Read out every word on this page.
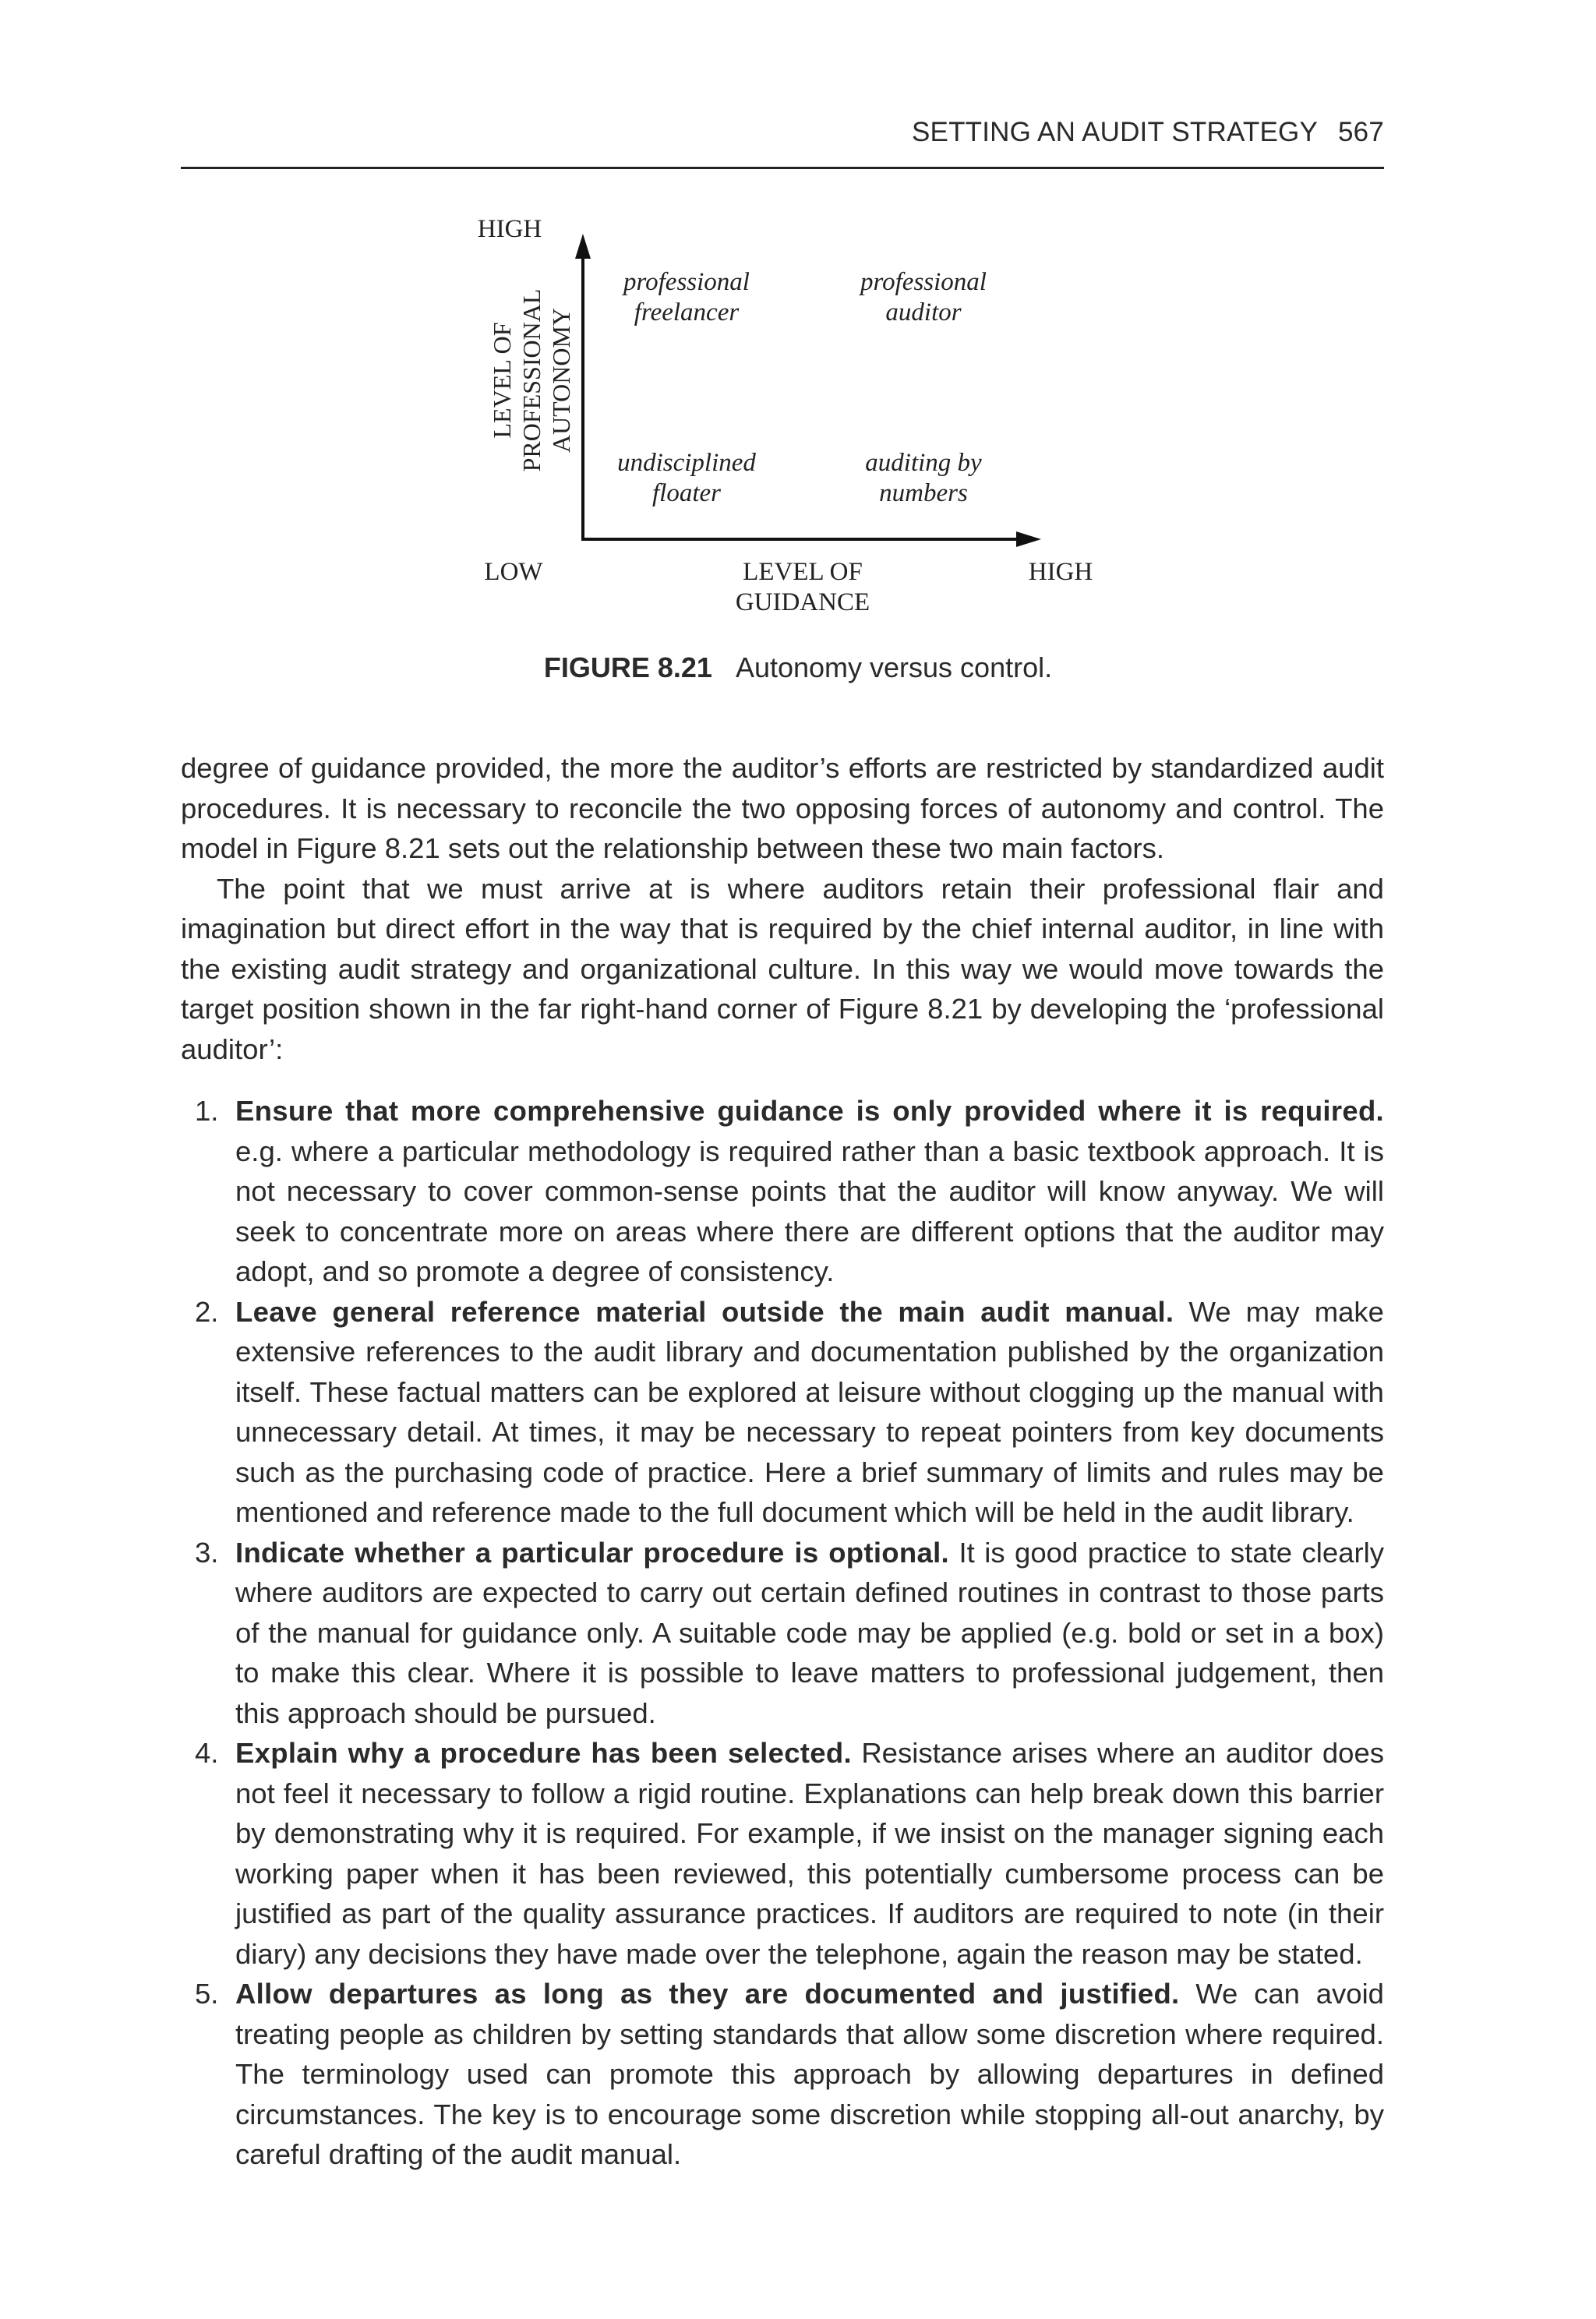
SETTING AN AUDIT STRATEGY 567
HIGH
LEVEL OF PROFESSIONAL AUTONOMY
professional
freelancer
professional
auditor
undisciplined
floater
auditing by
numbers
LOW	LEVEL OF
GUIDANCE
HIGH
FIGURE 8.21 Autonomy versus control.

degree of guidance provided, the more the auditor’s efforts are restricted by standardized audit procedures. It is necessary to reconcile the two opposing forces of autonomy and control. The model in Figure 8.21 sets out the relationship between these two main factors.

The point that we must arrive at is where auditors retain their professional flair and imagination but direct effort in the way that is required by the chief internal auditor, in line with the existing audit strategy and organizational culture. In this way we would move towards the target position shown in the far right-hand corner of Figure 8.21 by developing the ‘professional auditor’:

1. Ensure that more comprehensive guidance is only provided where it is required. e.g. where a particular methodology is required rather than a basic textbook approach. It is not necessary to cover common-sense points that the auditor will know anyway. We will seek to concentrate more on areas where there are different options that the auditor may adopt, and so promote a degree of consistency.
2. Leave general reference material outside the main audit manual. We may make extensive references to the audit library and documentation published by the organization itself. These factual matters can be explored at leisure without clogging up the manual with unnecessary detail. At times, it may be necessary to repeat pointers from key documents such as the purchasing code of practice. Here a brief summary of limits and rules may be mentioned and reference made to the full document which will be held in the audit library.
3. Indicate whether a particular procedure is optional. It is good practice to state clearly where auditors are expected to carry out certain defined routines in contrast to those parts of the manual for guidance only. A suitable code may be applied (e.g. bold or set in a box) to make this clear. Where it is possible to leave matters to professional judgement, then this approach should be pursued.
4. Explain why a procedure has been selected. Resistance arises where an auditor does not feel it necessary to follow a rigid routine. Explanations can help break down this barrier by demonstrating why it is required. For example, if we insist on the manager signing each working paper when it has been reviewed, this potentially cumbersome process can be justified as part of the quality assurance practices. If auditors are required to note (in their diary) any decisions they have made over the telephone, again the reason may be stated.
5. Allow departures as long as they are documented and justified. We can avoid treating people as children by setting standards that allow some discretion where required. The terminology used can promote this approach by allowing departures in defined circumstances. The key is to encourage some discretion while stopping all-out anarchy, by careful drafting of the audit manual.
